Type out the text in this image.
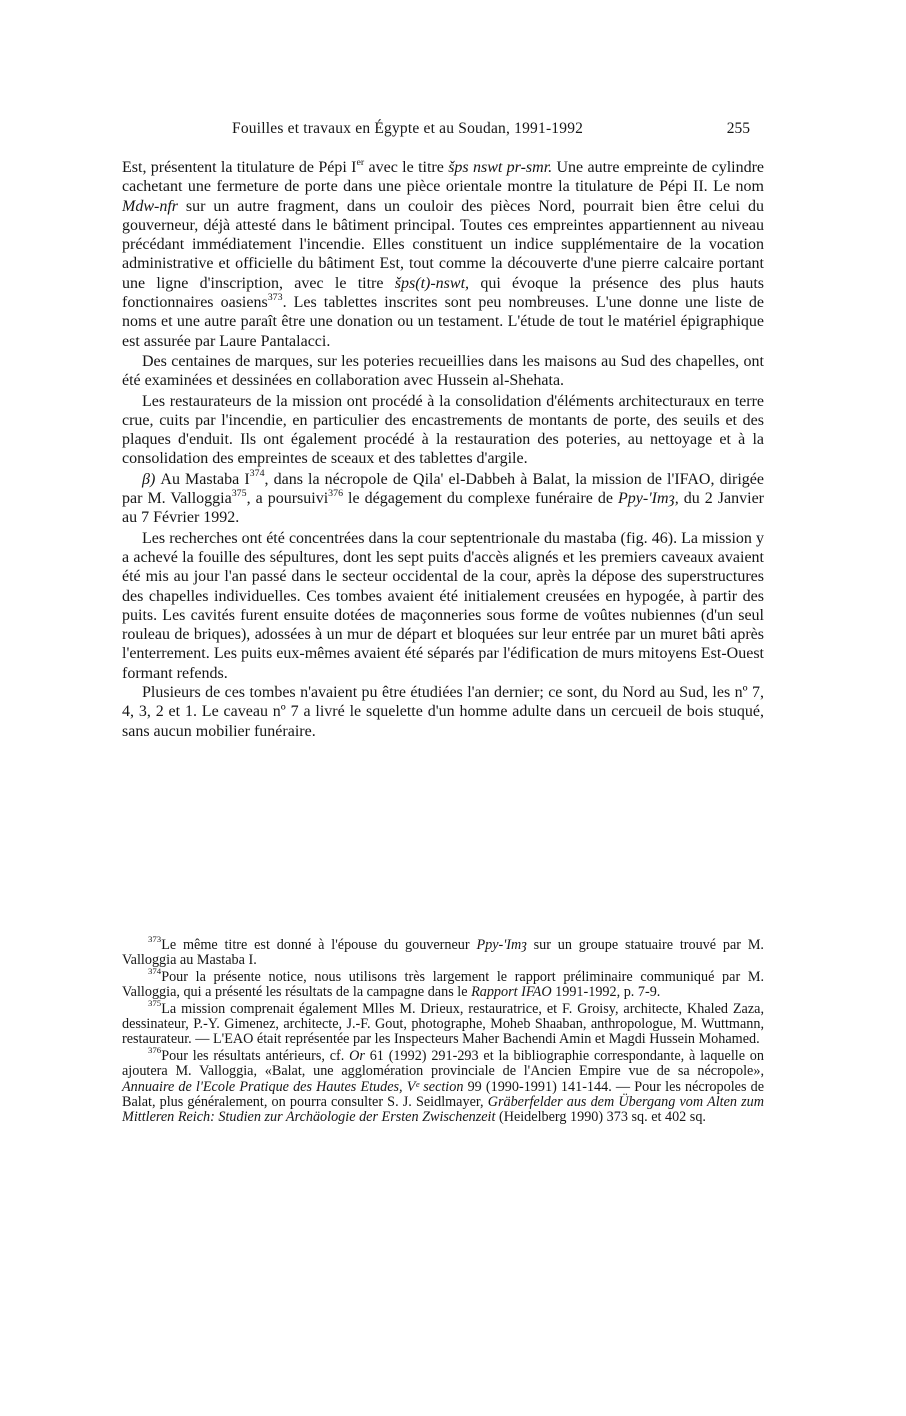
Fouilles et travaux en Égypte et au Soudan, 1991-1992	255

Est, présentent la titulature de Pépi Ier avec le titre šps nswt pr-smr. Une autre empreinte de cylindre cachetant une fermeture de porte dans une pièce orientale montre la titulature de Pépi II. Le nom Mdw-nfr sur un autre fragment, dans un couloir des pièces Nord, pourrait bien être celui du gouverneur, déjà attesté dans le bâtiment principal. Toutes ces empreintes appartiennent au niveau précédant immédiatement l'incendie. Elles constituent un indice supplémentaire de la vocation administrative et officielle du bâtiment Est, tout comme la découverte d'une pierre calcaire portant une ligne d'inscription, avec le titre šps(t)-nswt, qui évoque la présence des plus hauts fonctionnaires oasiens$^{373}$. Les tablettes inscrites sont peu nombreuses. L'une donne une liste de noms et une autre paraît être une donation ou un testament. L'étude de tout le matériel épigraphique est assurée par Laure Pantalacci.

Des centaines de marques, sur les poteries recueillies dans les maisons au Sud des chapelles, ont été examinées et dessinées en collaboration avec Hussein al-Shehata.

Les restaurateurs de la mission ont procédé à la consolidation d'éléments architecturaux en terre crue, cuits par l'incendie, en particulier des encastrements de montants de porte, des seuils et des plaques d'enduit. Ils ont également procédé à la restauration des poteries, au nettoyage et à la consolidation des empreintes de sceaux et des tablettes d'argile.

β) Au Mastaba $I^{374}$, dans la nécropole de Qila' el-Dabbeh à Balat, la mission de l'IFAO, dirigée par M. Valloggia$^{375}$, a poursuivi$^{376}$ le dégagement du complexe funéraire de Ppy-'Imȝ, du 2 Janvier au 7 Février 1992.

Les recherches ont été concentrées dans la cour septentrionale du mastaba (fig. 46). La mission y a achevé la fouille des sépultures, dont les sept puits d'accès alignés et les premiers caveaux avaient été mis au jour l'an passé dans le secteur occidental de la cour, après la dépose des superstructures des chapelles individuelles. Ces tombes avaient été initialement creusées en hypogée, à partir des puits. Les cavités furent ensuite dotées de maçonneries sous forme de voûtes nubiennes (d'un seul rouleau de briques), adossées à un mur de départ et bloquées sur leur entrée par un muret bâti après l'enterrement. Les puits eux-mêmes avaient été séparés par l'édification de murs mitoyens Est-Ouest formant refends.

Plusieurs de ces tombes n'avaient pu être étudiées l'an dernier; ce sont, du Nord au Sud, les nº 7, 4, 3, 2 et 1. Le caveau nº 7 a livré le squelette d'un homme adulte dans un cercueil de bois stuqué, sans aucun mobilier funéraire.

$^{373}$Le même titre est donné à l'épouse du gouverneur Ppy-'Imȝ sur un groupe statuaire trouvé par M. Valloggia au Mastaba I.

$^{374}$Pour la présente notice, nous utilisons très largement le rapport préliminaire communiqué par M. Valloggia, qui a présenté les résultats de la campagne dans le Rapport IFAO 1991-1992, p. 7-9.

$^{375}$La mission comprenait également Mlles M. Drieux, restauratrice, et F. Groisy, architecte, Khaled Zaza, dessinateur, P.-Y. Gimenez, architecte, J.-F. Gout, photographe, Moheb Shaaban, anthropologue, M. Wuttmann, restaurateur. — L'EAO était représentée par les Inspecteurs Maher Bachendi Amin et Magdi Hussein Mohamed.

$^{376}$Pour les résultats antérieurs, cf. Or 61 (1992) 291-293 et la bibliographie correspondante, à laquelle on ajoutera M. Valloggia, «Balat, une agglomération provinciale de l'Ancien Empire vue de sa nécropole», Annuaire de l'Ecole Pratique des Hautes Etudes, Vᵉ section 99 (1990-1991) 141-144. — Pour les nécropoles de Balat, plus généralement, on pourra consulter S. J. Seidlmayer, Gräberfelder aus dem Übergang vom Alten zum Mittleren Reich: Studien zur Archäologie der Ersten Zwischenzeit (Heidelberg 1990) 373 sq. et 402 sq.
